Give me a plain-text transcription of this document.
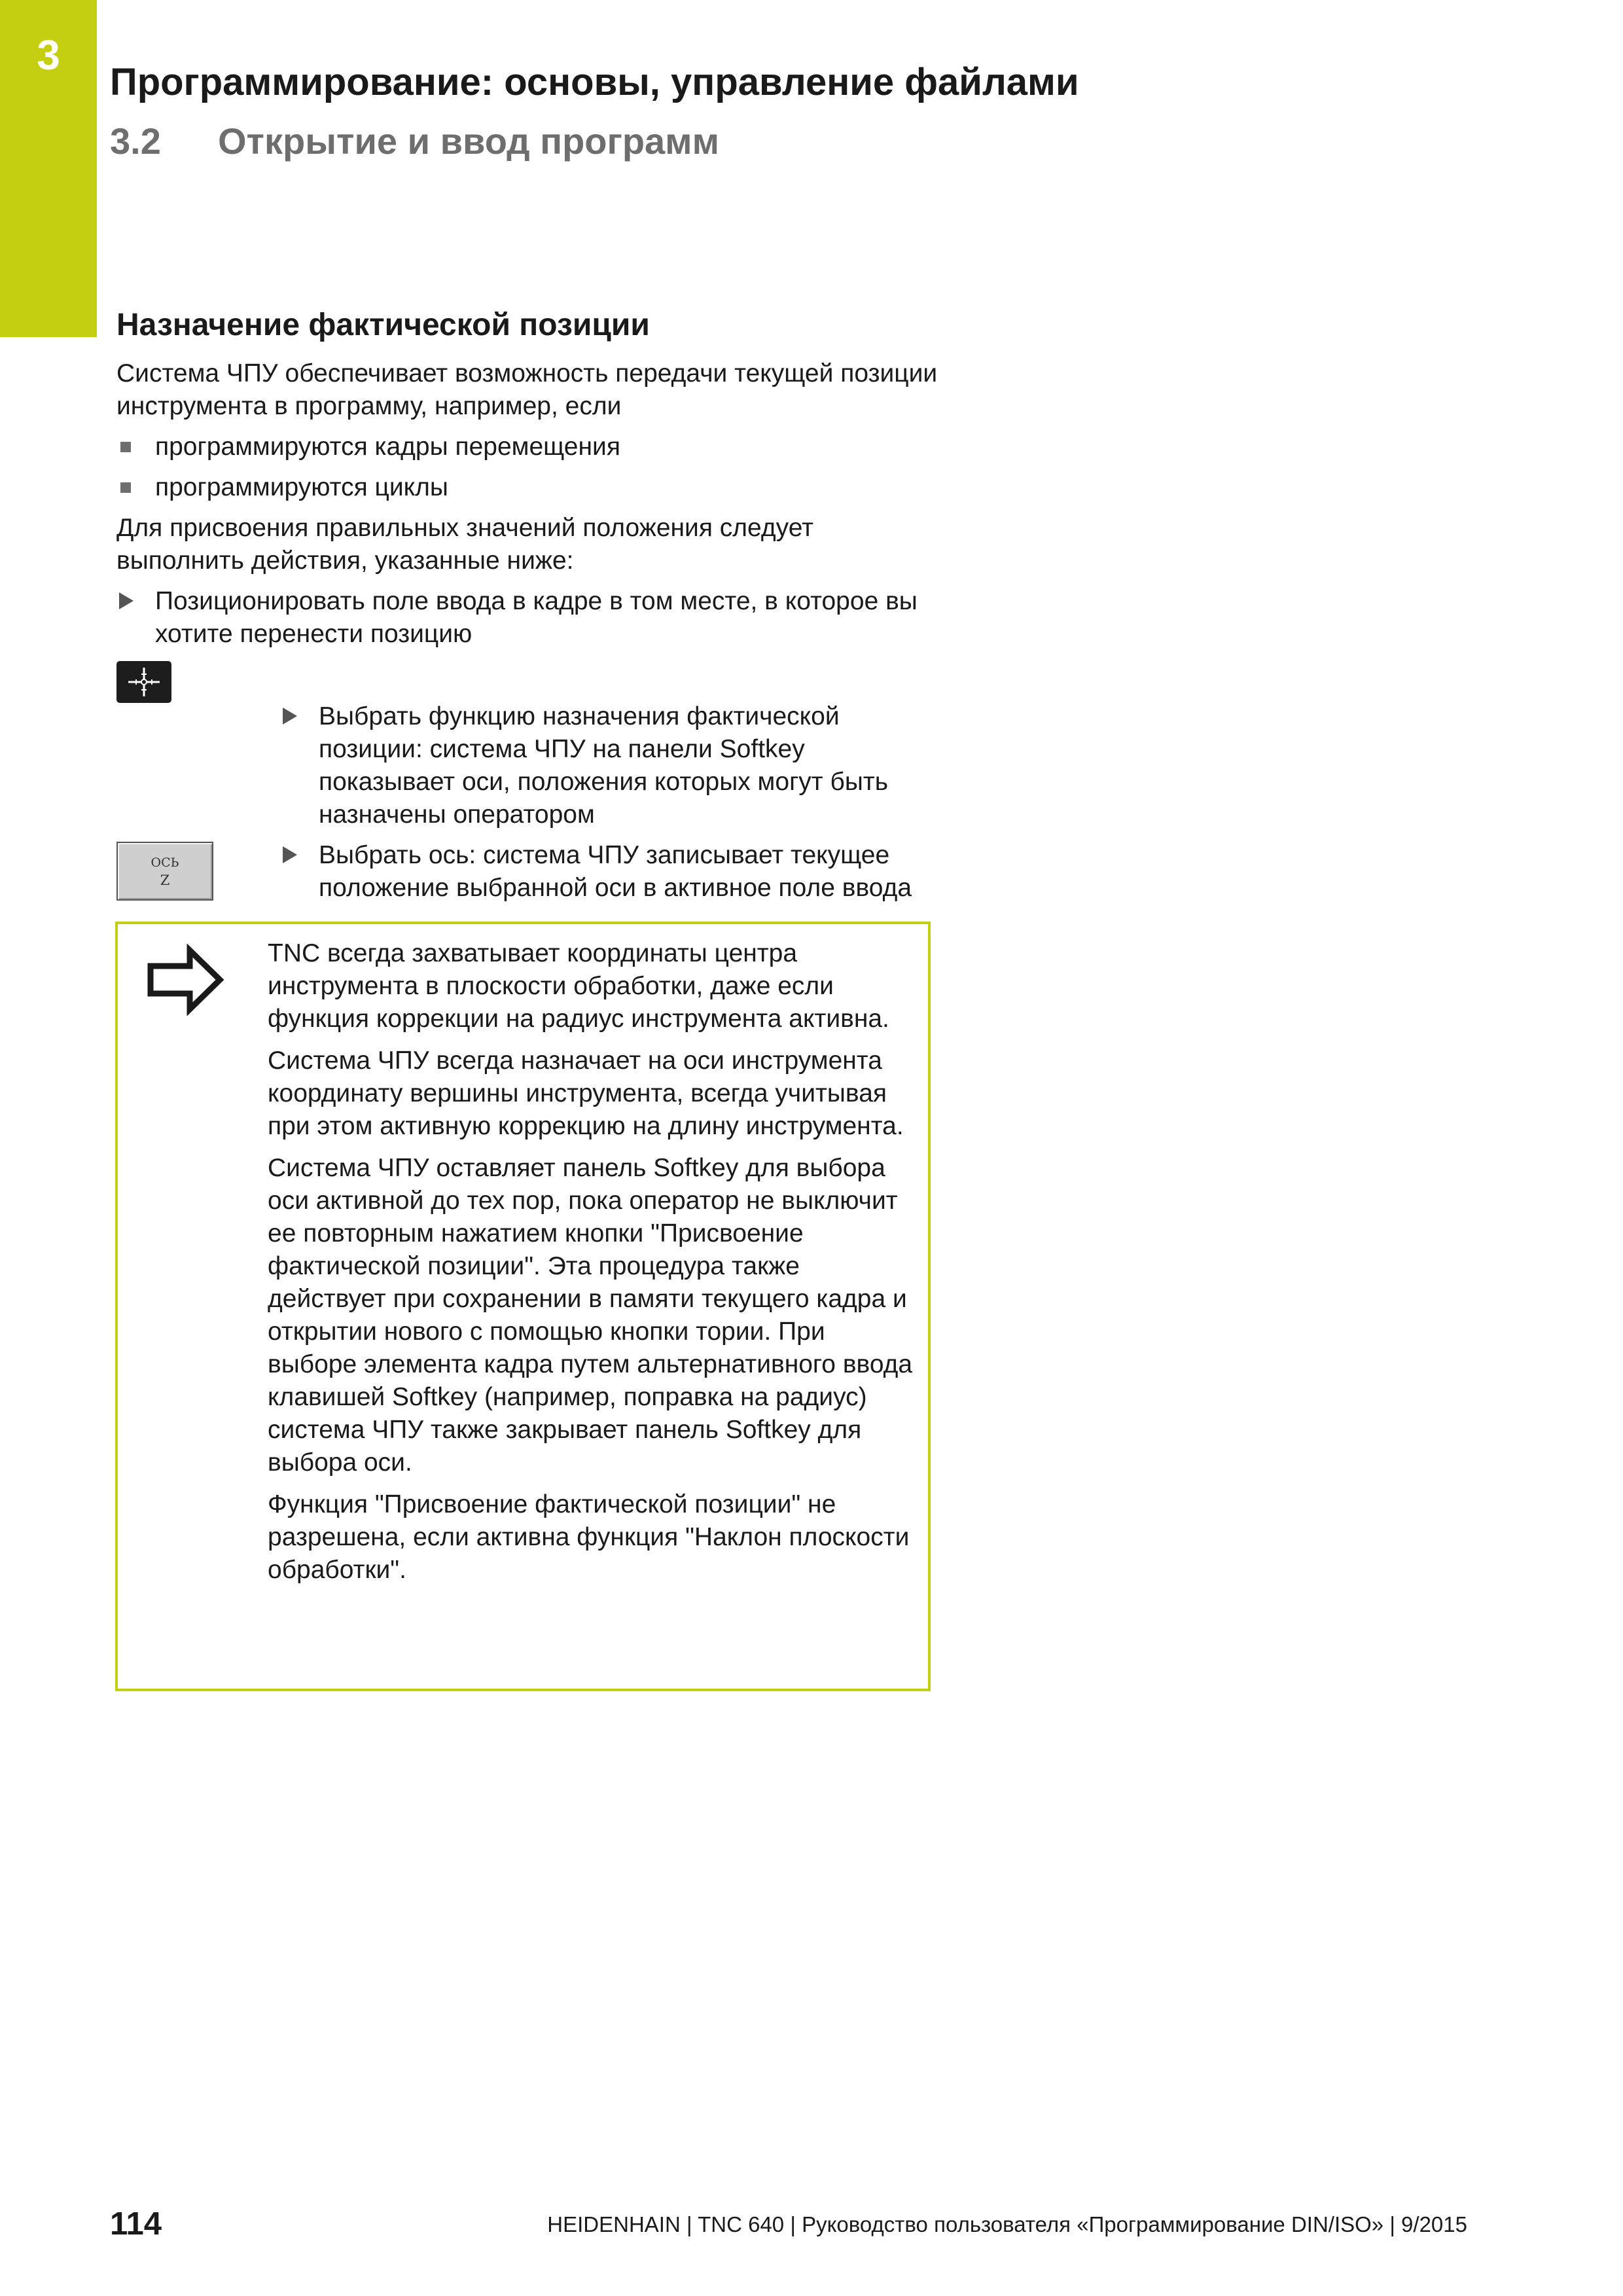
3
Программирование: основы, управление файлами
3.2 Открытие и ввод программ
Назначение фактической позиции
Система ЧПУ обеспечивает возможность передачи текущей позиции инструмента в программу, например, если
программируются кадры перемещения
программируются циклы
Для присвоения правильных значений положения следует выполнить действия, указанные ниже:
Позиционировать поле ввода в кадре в том месте, в которое вы хотите перенести позицию
Выбрать функцию назначения фактической позиции: система ЧПУ на панели Softkey показывает оси, положения которых могут быть назначены оператором
ОСЬ
Z
Выбрать ось: система ЧПУ записывает текущее положение выбранной оси в активное поле ввода
TNC всегда захватывает координаты центра инструмента в плоскости обработки, даже если функция коррекции на радиус инструмента активна.
Система ЧПУ всегда назначает на оси инструмента координату вершины инструмента, всегда учитывая при этом активную коррекцию на длину инструмента.
Система ЧПУ оставляет панель Softkey для выбора оси активной до тех пор, пока оператор не выключит ее повторным нажатием кнопки "Присвоение фактической позиции". Эта процедура также действует при сохранении в памяти текущего кадра и открытии нового с помощью кнопки тории. При выборе элемента кадра путем альтернативного ввода клавишей Softkey (например, поправка на радиус) система ЧПУ также закрывает панель Softkey для выбора оси.
Функция "Присвоение фактической позиции" не разрешена, если активна функция "Наклон плоскости обработки".
114	HEIDENHAIN | TNC 640 | Руководство пользователя «Программирование DIN/ISO» | 9/2015
